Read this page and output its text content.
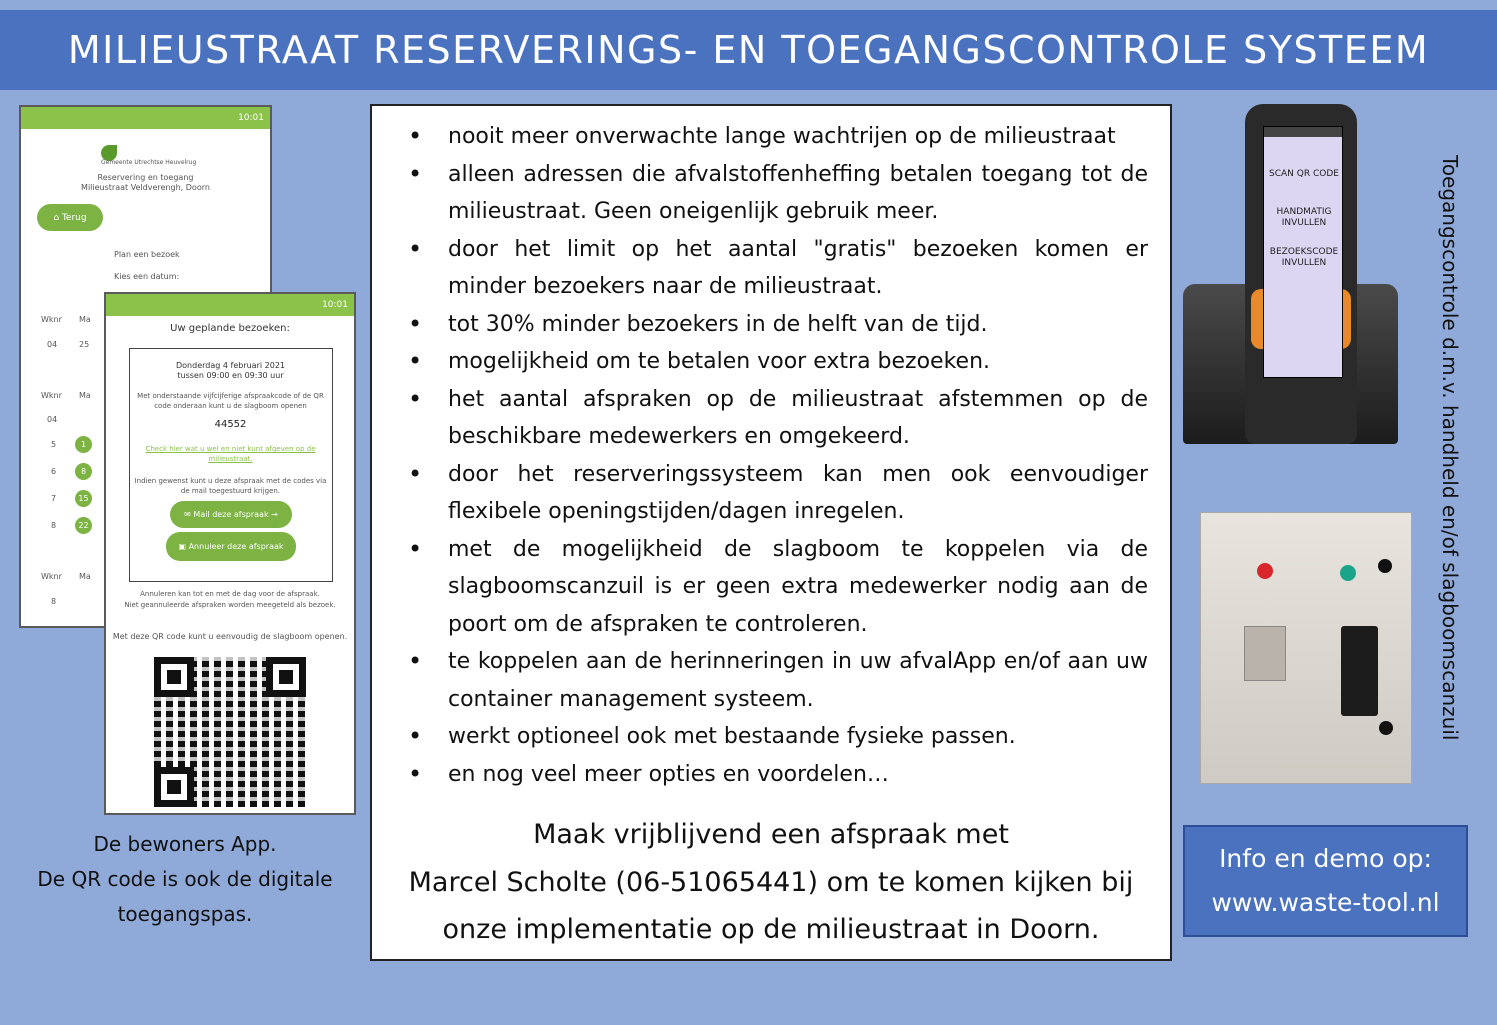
MILIEUSTRAAT RESERVERINGS- EN TOEGANGSCONTROLE SYSTEEM
10:01
Gemeente Utrechtse Heuvelrug
Reservering en toegang
Milieustraat Veldverengh, Doorn
⌂ Terug
Plan een bezoek
Kies een datum:
Wknr Ma
04	25
Wknr Ma
04
5	1
6	8
7	15
8	22
Wknr Ma
8
10:01
Uw geplande bezoeken:
Donderdag 4 februari 2021
tussen 09:00 en 09:30 uur
Met onderstaande vijfcijferige afspraakcode of de QR code onderaan kunt u de slagboom openen
44552
Check hier wat u wel en niet kunt afgeven op de milieustraat.
Indien gewenst kunt u deze afspraak met de codes via de mail toegestuurd krijgen.
✉ Mail deze afspraak →
▣ Annuleer deze afspraak
Annuleren kan tot en met de dag voor de afspraak.
Niet geannuleerde afspraken worden meegeteld als bezoek.
Met deze QR code kunt u eenvoudig de slagboom openen.
De bewoners App.
De QR code is ook de digitale
toegangspas.
• nooit meer onverwachte lange wachtrijen op de milieustraat
• alleen adressen die afvalstoffenheffing betalen toegang tot de milieustraat. Geen oneigenlijk gebruik meer.
• door het limit op het aantal "gratis" bezoeken komen er minder bezoekers naar de milieustraat.
• tot 30% minder bezoekers in de helft van de tijd.
• mogelijkheid om te betalen voor extra bezoeken.
• het aantal afspraken op de milieustraat afstemmen op de beschikbare medewerkers en omgekeerd.
• door het reserveringssysteem kan men ook eenvoudiger flexibele openingstijden/dagen inregelen.
• met de mogelijkheid de slagboom te koppelen via de slagboomscanzuil is er geen extra medewerker nodig aan de poort om de afspraken te controleren.
• te koppelen aan de herinneringen in uw afvalApp en/of aan uw container management systeem.
• werkt optioneel ook met bestaande fysieke passen.
• en nog veel meer opties en voordelen…
Maak vrijblijvend een afspraak met
Marcel Scholte (06-51065441) om te komen kijken bij
onze implementatie op de milieustraat in Doorn.
SCAN QR CODE
HANDMATIG INVULLEN
BEZOEKSCODE INVULLEN	Toegangscontrole d.m.v. handheld en/of slagboomscanzuil
Info en demo op:
www.waste-tool.nl
